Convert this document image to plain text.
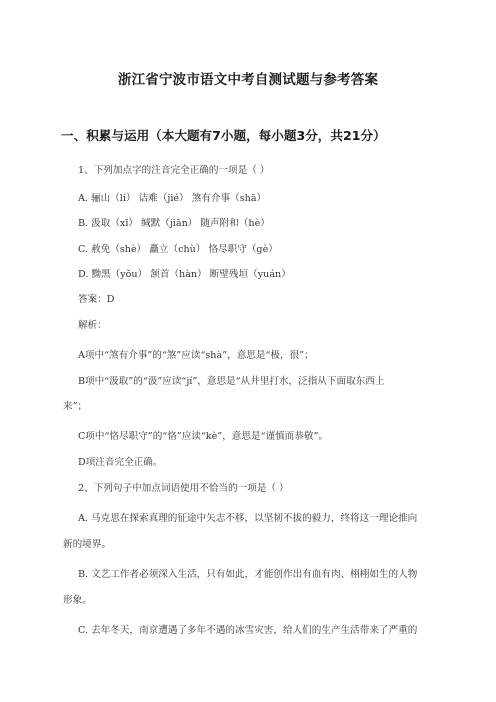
浙江省宁波市语文中考自测试题与参考答案
一、积累与运用（本大题有7小题，每小题3分，共21分）
1、下列加点字的注音完全正确的一项是（ ）
A. 骊山（lí） 诘难（jié） 煞有介事（shā）
B. 汲取（xī） 缄默（jiān） 随声附和（hè）
C. 赦免（shè） 矗立（chù） 恪尽职守（gè）
D. 黝黑（yǒu） 颔首（hàn） 断壁残垣（yuán）
答案：D
解析：
A项中“煞有介事”的“煞”应读“shà”，意思是“极，很”；
B项中“汲取”的“汲”应读“jí”，意思是“从井里打水，泛指从下面取东西上
来”；
C项中“恪尽职守”的“恪”应读“kè”，意思是“谨慎而恭敬”。
D项注音完全正确。
2、下列句子中加点词语使用不恰当的一项是（ ）
A. 马克思在探索真理的征途中矢志不移，以坚韧不拔的毅力，终将这一理论推向
新的境界。
B. 文艺工作者必须深入生活，只有如此，才能创作出有血有肉、栩栩如生的人物
形象。
C. 去年冬天，南京遭遇了多年不遇的冰雪灾害，给人们的生产生活带来了严重的
